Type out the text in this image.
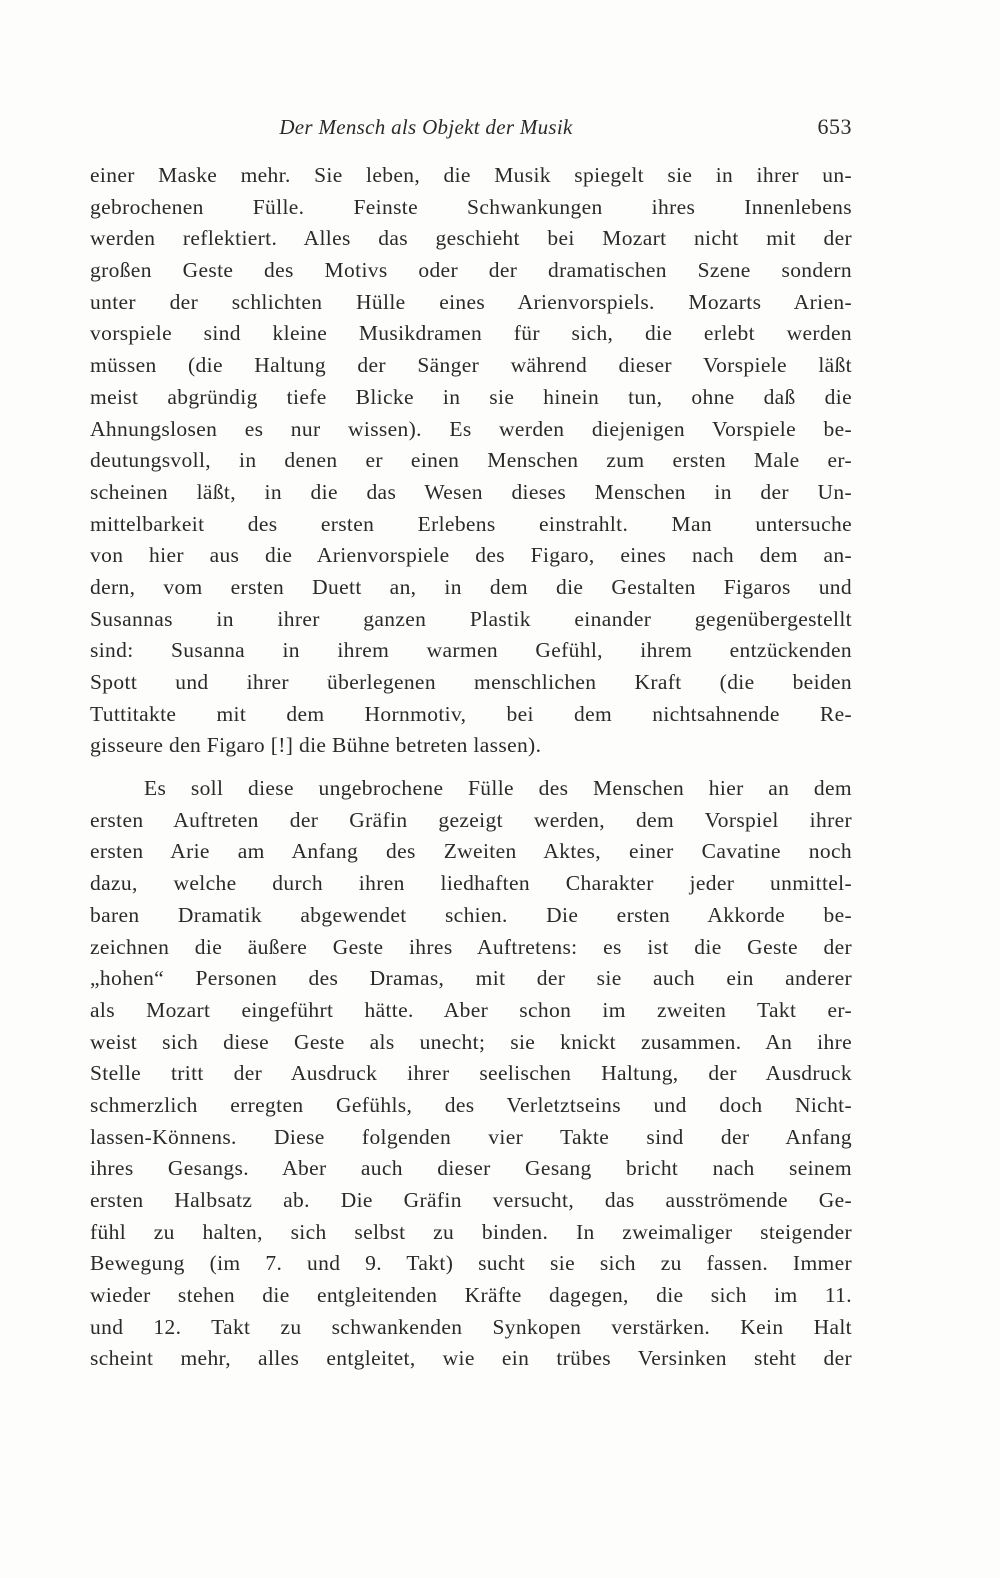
Der Mensch als Objekt der Musik	653

einer Maske mehr. Sie leben, die Musik spiegelt sie in ihrer un-
gebrochenen Fülle. Feinste Schwankungen ihres Innenlebens
werden reflektiert. Alles das geschieht bei Mozart nicht mit der
großen Geste des Motivs oder der dramatischen Szene sondern
unter der schlichten Hülle eines Arienvorspiels. Mozarts Arien-
vorspiele sind kleine Musikdramen für sich, die erlebt werden
müssen (die Haltung der Sänger während dieser Vorspiele läßt
meist abgründig tiefe Blicke in sie hinein tun, ohne daß die
Ahnungslosen es nur wissen). Es werden diejenigen Vorspiele be-
deutungsvoll, in denen er einen Menschen zum ersten Male er-
scheinen läßt, in die das Wesen dieses Menschen in der Un-
mittelbarkeit des ersten Erlebens einstrahlt. Man untersuche
von hier aus die Arienvorspiele des Figaro, eines nach dem an-
dern, vom ersten Duett an, in dem die Gestalten Figaros und
Susannas in ihrer ganzen Plastik einander gegenübergestellt
sind: Susanna in ihrem warmen Gefühl, ihrem entzückenden
Spott und ihrer überlegenen menschlichen Kraft (die beiden
Tuttitakte mit dem Hornmotiv, bei dem nichtsahnende Re-
gisseure den Figaro [!] die Bühne betreten lassen).

Es soll diese ungebrochene Fülle des Menschen hier an dem
ersten Auftreten der Gräfin gezeigt werden, dem Vorspiel ihrer
ersten Arie am Anfang des Zweiten Aktes, einer Cavatine noch
dazu, welche durch ihren liedhaften Charakter jeder unmittel-
baren Dramatik abgewendet schien. Die ersten Akkorde be-
zeichnen die äußere Geste ihres Auftretens: es ist die Geste der
„hohen“ Personen des Dramas, mit der sie auch ein anderer
als Mozart eingeführt hätte. Aber schon im zweiten Takt er-
weist sich diese Geste als unecht; sie knickt zusammen. An ihre
Stelle tritt der Ausdruck ihrer seelischen Haltung, der Ausdruck
schmerzlich erregten Gefühls, des Verletztseins und doch Nicht-
lassen-Könnens. Diese folgenden vier Takte sind der Anfang
ihres Gesangs. Aber auch dieser Gesang bricht nach seinem
ersten Halbsatz ab. Die Gräfin versucht, das ausströmende Ge-
fühl zu halten, sich selbst zu binden. In zweimaliger steigender
Bewegung (im 7. und 9. Takt) sucht sie sich zu fassen. Immer
wieder stehen die entgleitenden Kräfte dagegen, die sich im 11.
und 12. Takt zu schwankenden Synkopen verstärken. Kein Halt
scheint mehr, alles entgleitet, wie ein trübes Versinken steht der
